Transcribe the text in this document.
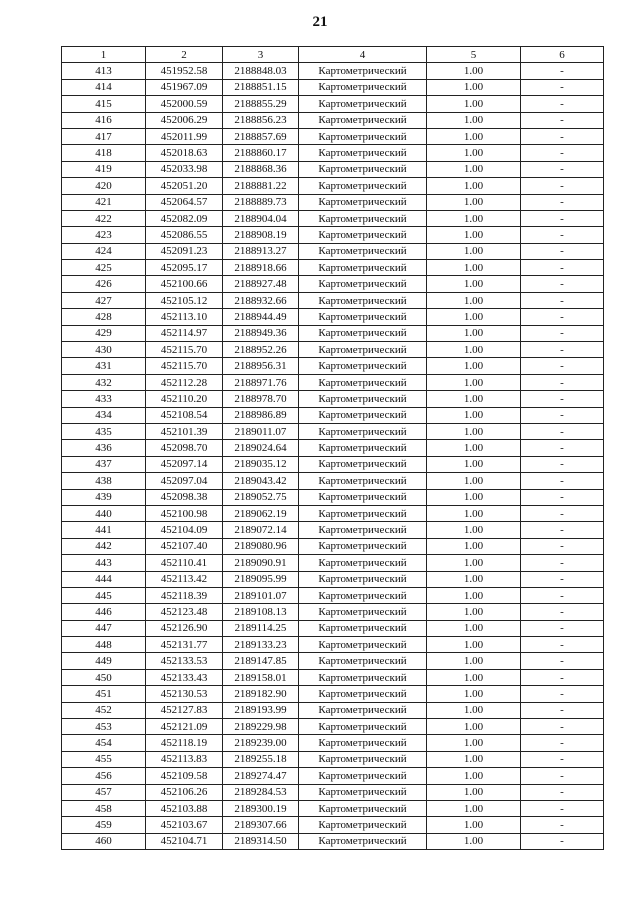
21
1	2	3	4	5	6
413	451952.58	2188848.03	Картометрический	1.00	-
414	451967.09	2188851.15	Картометрический	1.00	-
415	452000.59	2188855.29	Картометрический	1.00	-
416	452006.29	2188856.23	Картометрический	1.00	-
417	452011.99	2188857.69	Картометрический	1.00	-
418	452018.63	2188860.17	Картометрический	1.00	-
419	452033.98	2188868.36	Картометрический	1.00	-
420	452051.20	2188881.22	Картометрический	1.00	-
421	452064.57	2188889.73	Картометрический	1.00	-
422	452082.09	2188904.04	Картометрический	1.00	-
423	452086.55	2188908.19	Картометрический	1.00	-
424	452091.23	2188913.27	Картометрический	1.00	-
425	452095.17	2188918.66	Картометрический	1.00	-
426	452100.66	2188927.48	Картометрический	1.00	-
427	452105.12	2188932.66	Картометрический	1.00	-
428	452113.10	2188944.49	Картометрический	1.00	-
429	452114.97	2188949.36	Картометрический	1.00	-
430	452115.70	2188952.26	Картометрический	1.00	-
431	452115.70	2188956.31	Картометрический	1.00	-
432	452112.28	2188971.76	Картометрический	1.00	-
433	452110.20	2188978.70	Картометрический	1.00	-
434	452108.54	2188986.89	Картометрический	1.00	-
435	452101.39	2189011.07	Картометрический	1.00	-
436	452098.70	2189024.64	Картометрический	1.00	-
437	452097.14	2189035.12	Картометрический	1.00	-
438	452097.04	2189043.42	Картометрический	1.00	-
439	452098.38	2189052.75	Картометрический	1.00	-
440	452100.98	2189062.19	Картометрический	1.00	-
441	452104.09	2189072.14	Картометрический	1.00	-
442	452107.40	2189080.96	Картометрический	1.00	-
443	452110.41	2189090.91	Картометрический	1.00	-
444	452113.42	2189095.99	Картометрический	1.00	-
445	452118.39	2189101.07	Картометрический	1.00	-
446	452123.48	2189108.13	Картометрический	1.00	-
447	452126.90	2189114.25	Картометрический	1.00	-
448	452131.77	2189133.23	Картометрический	1.00	-
449	452133.53	2189147.85	Картометрический	1.00	-
450	452133.43	2189158.01	Картометрический	1.00	-
451	452130.53	2189182.90	Картометрический	1.00	-
452	452127.83	2189193.99	Картометрический	1.00	-
453	452121.09	2189229.98	Картометрический	1.00	-
454	452118.19	2189239.00	Картометрический	1.00	-
455	452113.83	2189255.18	Картометрический	1.00	-
456	452109.58	2189274.47	Картометрический	1.00	-
457	452106.26	2189284.53	Картометрический	1.00	-
458	452103.88	2189300.19	Картометрический	1.00	-
459	452103.67	2189307.66	Картометрический	1.00	-
460	452104.71	2189314.50	Картометрический	1.00	-
